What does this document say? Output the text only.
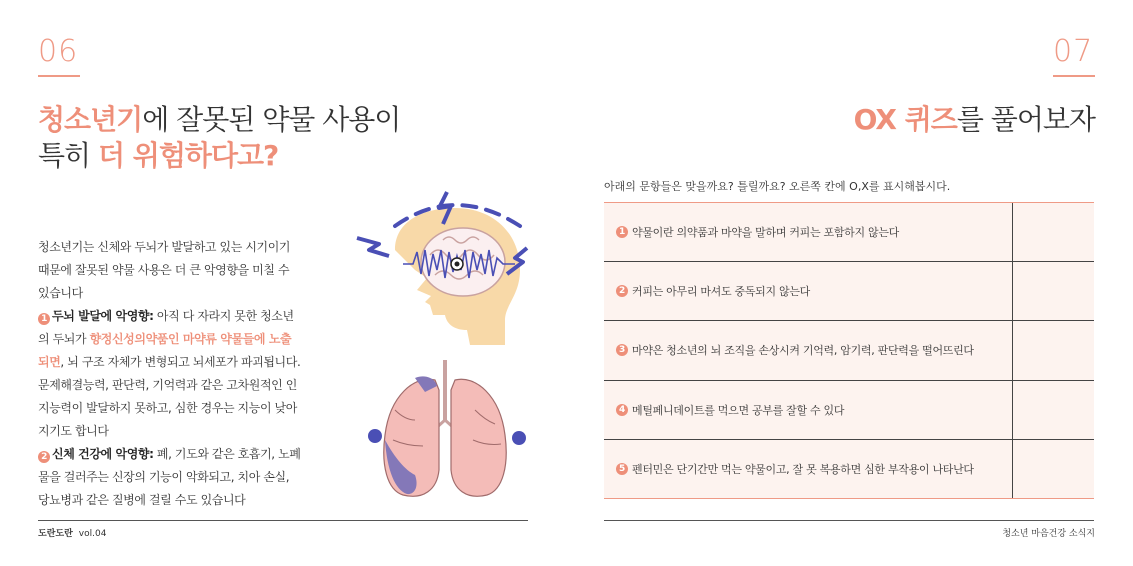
06
청소년기에 잘못된 약물 사용이
특히 더 위험하다고?
청소년기는 신체와 두뇌가 발달하고 있는 시기이기 때문에 잘못된 약물 사용은 더 큰 악영향을 미칠 수 있습니다
1 두뇌 발달에 악영향: 아직 다 자라지 못한 청소년의 두뇌가 향정신성의약품인 마약류 약물들에 노출되면, 뇌 구조 자체가 변형되고 뇌세포가 파괴됩니다. 문제해결능력, 판단력, 기억력과 같은 고차원적인 인지능력이 발달하지 못하고, 심한 경우는 지능이 낮아지기도 합니다
2 신체 건강에 악영향: 폐, 기도와 같은 호흡기, 노폐물을 걸러주는 신장의 기능이 악화되고, 치아 손실, 당뇨병과 같은 질병에 걸릴 수도 있습니다
도란도란 vol.04
07
OX 퀴즈를 풀어보자
아래의 문항들은 맞을까요? 틀릴까요? 오른쪽 칸에 O,X를 표시해봅시다.
1 약물이란 의약품과 마약을 말하며 커피는 포함하지 않는다
2 커피는 아무리 마셔도 중독되지 않는다
3 마약은 청소년의 뇌 조직을 손상시켜 기억력, 암기력, 판단력을 떨어뜨린다
4 메틸페니데이트를 먹으면 공부를 잘할 수 있다
5 펜터민은 단기간만 먹는 약물이고, 잘 못 복용하면 심한 부작용이 나타난다
청소년 마음건강 소식지
